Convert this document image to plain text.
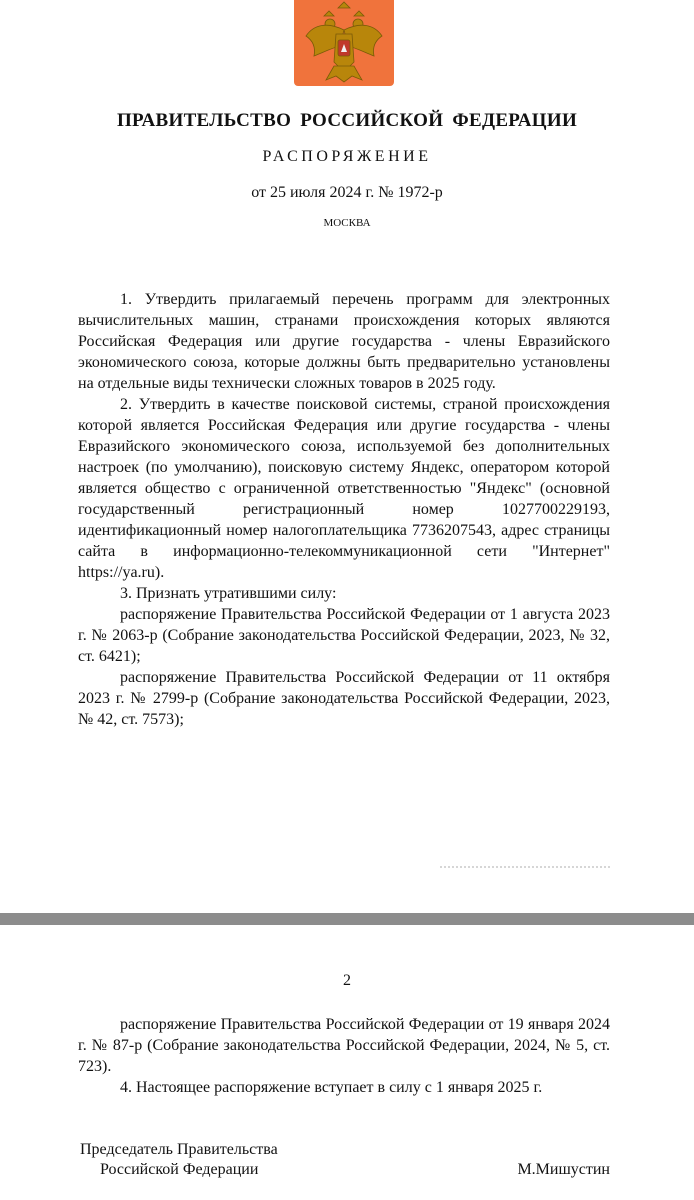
ПРАВИТЕЛЬСТВО РОССИЙСКОЙ ФЕДЕРАЦИИ
РАСПОРЯЖЕНИЕ
от 25 июля 2024 г. № 1972-р
МОСКВА

1. Утвердить прилагаемый перечень программ для электронных вычислительных машин, странами происхождения которых являются Российская Федерация или другие государства - члены Евразийского экономического союза, которые должны быть предварительно установлены на отдельные виды технически сложных товаров в 2025 году.

2. Утвердить в качестве поисковой системы, страной происхождения которой является Российская Федерация или другие государства - члены Евразийского экономического союза, используемой без дополнительных настроек (по умолчанию), поисковую систему Яндекс, оператором которой является общество с ограниченной ответственностью "Яндекс" (основной государственный регистрационный номер 1027700229193, идентификационный номер налогоплательщика 7736207543, адрес страницы сайта в информационно-телекоммуникационной сети "Интернет" https://ya.ru).

3. Признать утратившими силу:

распоряжение Правительства Российской Федерации от 1 августа 2023 г. № 2063-р (Собрание законодательства Российской Федерации, 2023, № 32, ст. 6421);

распоряжение Правительства Российской Федерации от 11 октября 2023 г. № 2799-р (Собрание законодательства Российской Федерации, 2023, № 42, ст. 7573);

2

распоряжение Правительства Российской Федерации от 19 января 2024 г. № 87-р (Собрание законодательства Российской Федерации, 2024, № 5, ст. 723).

4. Настоящее распоряжение вступает в силу с 1 января 2025 г.

Председатель Правительства
Российской Федерации	М.Мишустин
